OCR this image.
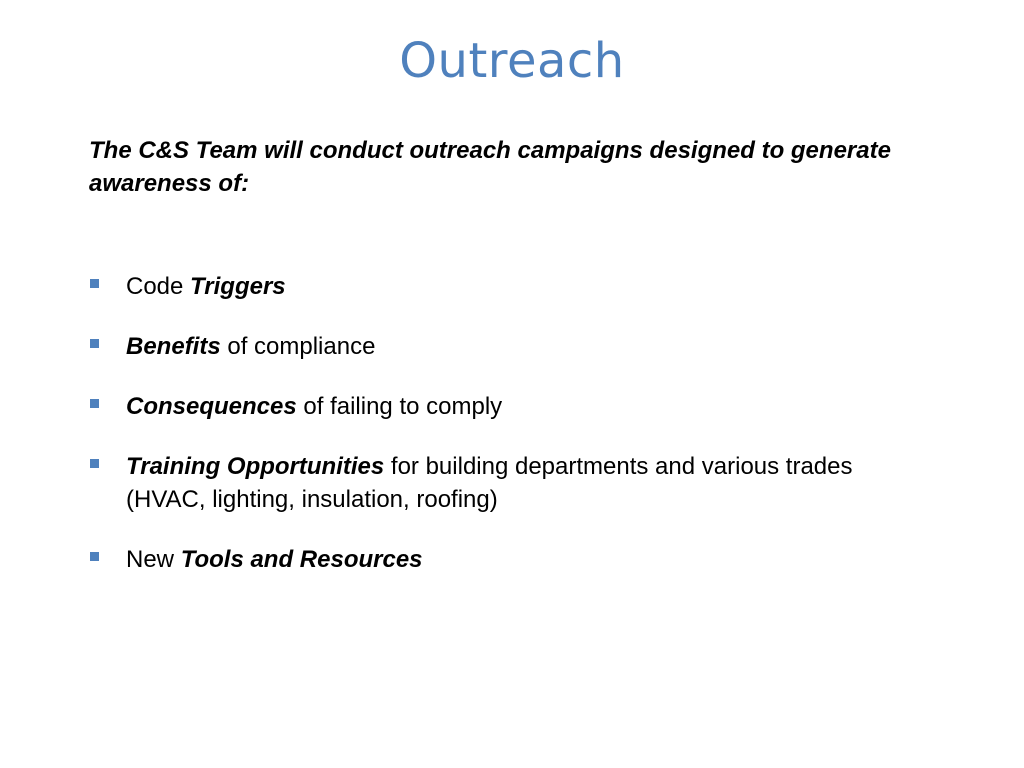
Outreach
The C&S Team will conduct outreach campaigns designed to generate awareness of:
Code Triggers
Benefits of compliance
Consequences of failing to comply
Training Opportunities for building departments and various trades (HVAC, lighting, insulation, roofing)
New Tools and Resources
